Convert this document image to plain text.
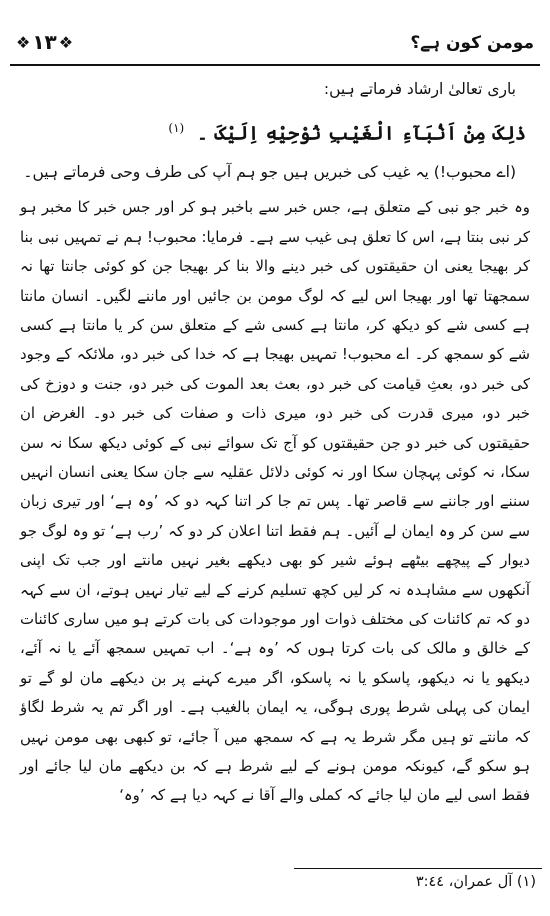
❖ ١٣ ❖	مومن کون ہے؟

باری تعالیٰ ارشاد فرماتے ہیں:

ذٰلِکَ مِنْ اَنْۢبَآءِ الْغَیْبِ نُوْحِیْهِ اِلَیْکَ ۔ $^{(١)}$

(اے محبوب!) یہ غیب کی خبریں ہیں جو ہم آپ کی طرف وحی فرماتے ہیں۔

وہ خبر جو نبی کے متعلق ہے، جس خبر سے باخبر ہو کر اور جس خبر کا مخبر ہو کر نبی بنتا ہے، اس کا تعلق ہی غیب سے ہے۔ فرمایا: محبوب! ہم نے تمہیں نبی بنا کر بھیجا یعنی ان حقیقتوں کی خبر دینے والا بنا کر بھیجا جن کو کوئی جانتا تھا نہ سمجھتا تھا اور بھیجا اس لیے کہ لوگ مومن بن جائیں اور ماننے لگیں۔ انسان مانتا ہے کسی شے کو دیکھ کر، مانتا ہے کسی شے کے متعلق سن کر یا مانتا ہے کسی شے کو سمجھ کر۔ اے محبوب! تمہیں بھیجا ہے کہ خدا کی خبر دو، ملائکہ کے وجود کی خبر دو، بعثِ قیامت کی خبر دو، بعث بعد الموت کی خبر دو، جنت و دوزخ کی خبر دو، میری قدرت کی خبر دو، میری ذات و صفات کی خبر دو۔ الغرض ان حقیقتوں کی خبر دو جن حقیقتوں کو آج تک سوائے نبی کے کوئی دیکھ سکا نہ سن سکا، نہ کوئی پہچان سکا اور نہ کوئی دلائل عقلیہ سے جان سکا یعنی انسان انہیں سننے اور جاننے سے قاصر تھا۔ پس تم جا کر اتنا کہہ دو کہ ’وہ ہے‘ اور تیری زبان سے سن کر وہ ایمان لے آئیں۔ ہم فقط اتنا اعلان کر دو کہ ’رب ہے‘ تو وہ لوگ جو دیوار کے پیچھے بیٹھے ہوئے شیر کو بھی دیکھے بغیر نہیں مانتے اور جب تک اپنی آنکھوں سے مشاہدہ نہ کر لیں کچھ تسلیم کرنے کے لیے تیار نہیں ہوتے، ان سے کہہ دو کہ تم کائنات کی مختلف ذوات اور موجودات کی بات کرتے ہو میں ساری کائنات کے خالق و مالک کی بات کرتا ہوں کہ ’وہ ہے‘۔ اب تمہیں سمجھ آئے یا نہ آئے، دیکھو یا نہ دیکھو، پاسکو یا نہ پاسکو، اگر میرے کہنے پر بن دیکھے مان لو گے تو ایمان کی پہلی شرط پوری ہوگی، یہ ایمان بالغیب ہے۔ اور اگر تم یہ شرط لگاؤ کہ مانتے تو ہیں مگر شرط یہ ہے کہ سمجھ میں آ جائے، تو کبھی بھی مومن نہیں ہو سکو گے، کیونکہ مومن ہونے کے لیے شرط ہے کہ بن دیکھے مان لیا جائے اور فقط اسی لیے مان لیا جائے کہ کملی والے آقا نے کہہ دیا ہے کہ ’وہ‘

(١) آل عمران، ٣:٤٤
